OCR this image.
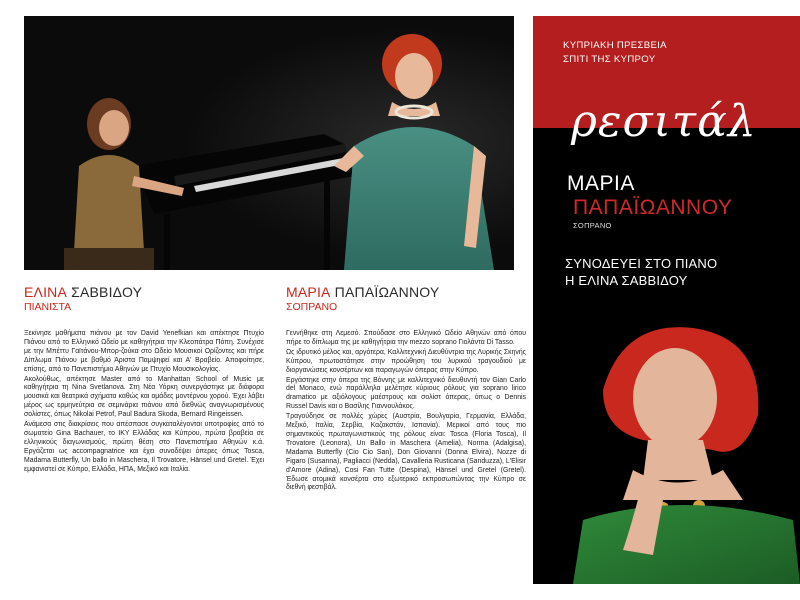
ΕΛΙΝΑ ΣΑΒΒΙΔΟΥ
ΠΙΑΝΙΣΤΑ

Ξεκίνησε μαθήματα πιάνου με τον David Yenefkian και απέκτησε Πτυχίο Πιάνου από το Ελληνικό Ωδείο με καθηγήτρια την Κλεοπάτρα Πόπη. Συνέχισε με την Μπέττυ Γαϊτάνου-Μπορ-ζούκα στο Ωδείο Μουσικοί Ορίζοντες και πήρε Δίπλωμα Πιάνου με βαθμό Άριστα Παμψηφεί και Α' Βραβείο. Αποφοίτησε, επίσης, από το Πανεπιστήμιο Αθηνών με Πτυχίο Μουσικολογίας.

Ακολούθως, απέκτησε Master από το Manhattan School of Music με καθηγήτρια τη Nina Svetlanova. Στη Νέα Υόρκη συνεργάστηκε με διάφορα μουσικά και θεατρικά σχήματα καθώς και ομάδες μοντέρνου χορού. Έχει λάβει μέρος ως ερμηνεύτρια σε σεμινάρια πιάνου από διεθνώς αναγνωρισμένους σολίστες, όπως Nikolai Petrof, Paul Badura Skoda, Bernard Ringeissen.

Ανάμεσα στις διακρίσεις που απέσπασε συγκαταλέγονται υποτροφίες από το σωματείο Gina Bachauer, το ΙΚΥ Ελλάδας και Κύπρου, πρώτα βραβεία σε ελληνικούς διαγωνισμούς, πρώτη θέση στο Πανεπιστήμιο Αθηνών κ.ά. Εργάζεται ως accompagnatrice και έχει συνοδέψει όπερες όπως Tosca, Madama Butterfly, Un ballo in Maschera, Il Trovatore, Hänsel und Gretel. Έχει εμφανιστεί σε Κύπρο, Ελλάδα, ΗΠΑ, Μεξικό και Ιταλία.

ΜΑΡΙΑ ΠΑΠΑΪΩΑΝΝΟΥ
ΣΟΠΡΑΝΟ

Γεννήθηκε στη Λεμεσό. Σπούδασε στο Ελληνικό Ωδείο Αθηνών από όπου πήρε το δίπλωμα της με καθηγήτρια την mezzo soprano Γιολάντα Di Tasso.

Ως ιδρυτικό μέλος και, αργότερα, Καλλιτεχνική Διευθύντρια της Λυρικής Σκηνής Κύπρου, πρωτοστάτησε στην προώθηση του λυρικού τραγουδιού με διοργανώσεις κονσέρτων και παραγωγών όπερας στην Κύπρο.

Εργάστηκε στην όπερα της Βόννης με καλλιτεχνικό διευθυντή τον Gian Carlo del Monaco, ενώ παράλληλα μελέτησε κύριους ρόλους για soprano lirico dramatico με αξιόλογους μαέστρους και σολίστ όπερας, όπως ο Dennis Russel Davis και ο Βασίλης Γιαννουλάκος.

Τραγούδησε σε πολλές χώρες (Αυστρία, Βουλγαρία, Γερμανία, Ελλάδα, Μεξικό, Ιταλία, Σερβία, Καζακστάν, Ισπανία). Μερικοί από τους πιο σημαντικούς πρωταγωνιστικούς της ρόλους είναι: Tosca (Floria Tosca), Il Trovatore (Leonora), Un Ballo in Maschera (Amelia), Norma (Adalgisa), Madama Butterfly (Cio Cio San), Don Giovanni (Donna Elvira), Nozze di Figaro (Susanna), Pagliacci (Nedda), Cavalleria Rusticana (Sanduzza), L'Elisir d'Amore (Adina), Cosi Fan Tutte (Despina), Hänsel und Gretel (Gretel). Έδωσε ατομικά κονσέρτα στο εξωτερικό εκπροσωπώντας την Κύπρο σε διεθνή φεστιβάλ.

ΚΥΠΡΙΑΚΗ ΠΡΕΣΒΕΙΑ
ΣΠΙΤΙ ΤΗΣ ΚΥΠΡΟΥ
ρεσιτάλ
ΜΑΡΙΑ
ΠΑΠΑΪΩΑΝΝΟΥ
ΣΟΠΡΑΝΟ
ΣΥΝΟΔΕΥΕΙ ΣΤΟ ΠΙΑΝΟ
Η ΕΛΙΝΑ ΣΑΒΒΙΔΟΥ
